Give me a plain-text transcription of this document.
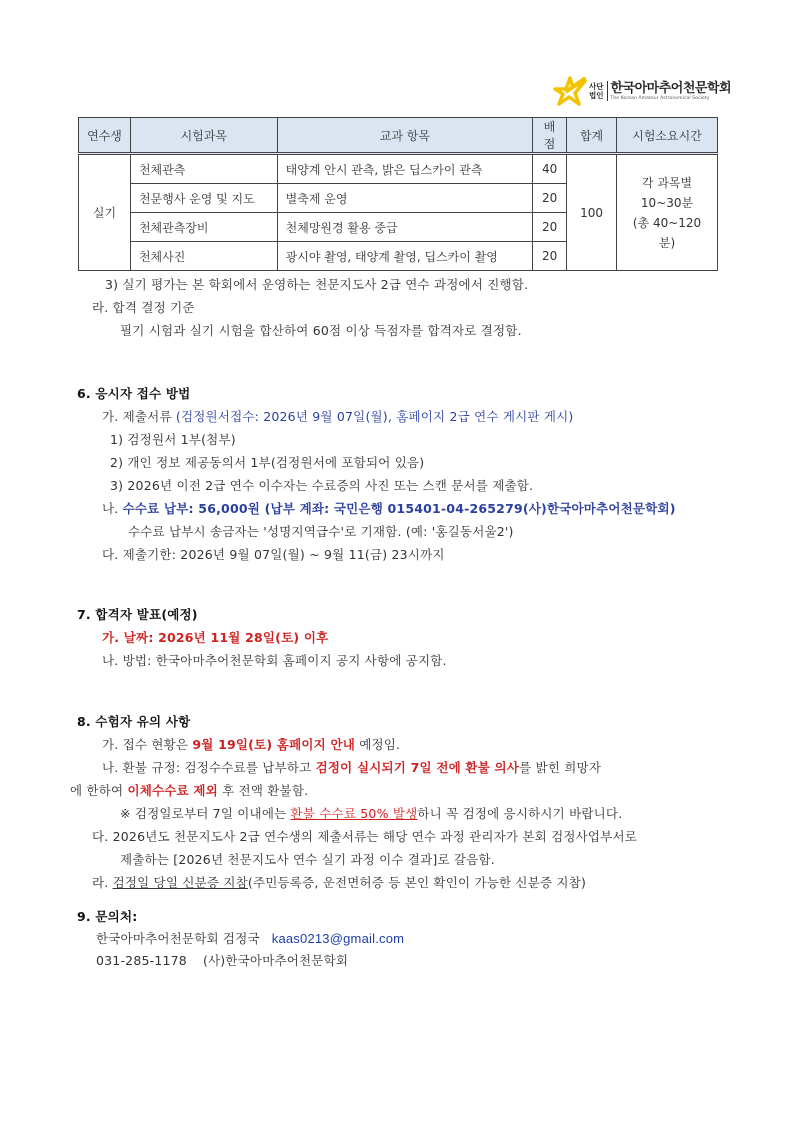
사단
법인 한국아마추어천문학회
The Korean Amateur Astronomical Society
연수생	시험과목	교과 항목	배점	합계	시험소요시간
실기	천체관측	태양계 안시 관측, 밝은 딥스카이 관측	40	100	각 과목별
10~30분
(총 40~120분)

	천문행사 운영 및 지도	별축제 운영	20		
	천체관측장비	천체망원경 활용 중급	20		
	천체사진	광시야 촬영, 태양계 촬영, 딥스카이 촬영	20		
3) 실기 평가는 본 학회에서 운영하는 천문지도사 2급 연수 과정에서 진행함.
라. 합격 결정 기준
필기 시험과 실기 시험을 합산하여 60점 이상 득점자를 합격자로 결정함.
6. 응시자 접수 방법
가. 제출서류 (검정원서접수: 2026년 9월 07일(월), 홈페이지 2급 연수 게시판 게시)
1) 검정원서 1부(첨부)
2) 개인 정보 제공동의서 1부(검정원서에 포함되어 있음)
3) 2026년 이전 2급 연수 이수자는 수료증의 사진 또는 스캔 문서를 제출함.
나. 수수료 납부: 56,000원 (납부 계좌: 국민은행 015401-04-265279(사)한국아마추어천문학회)
수수료 납부시 송금자는 '성명지역급수'로 기재함. (예: '홍길동서울2')
다. 제출기한: 2026년 9월 07일(월) ~ 9월 11(금) 23시까지
7. 합격자 발표(예정)
가. 날짜: 2026년 11월 28일(토) 이후
나. 방법: 한국아마추어천문학회 홈페이지 공지 사항에 공지함.
8. 수험자 유의 사항
가. 접수 현황은 9월 19일(토) 홈페이지 안내 예정임.
나. 환불 규정: 검정수수료를 납부하고 검정이 실시되기 7일 전에 환불 의사를 밝힌 희망자
에 한하여 이체수수료 제외 후 전액 환불함.
※ 검정일로부터 7일 이내에는 환불 수수료 50% 발생하니 꼭 검정에 응시하시기 바랍니다.
다. 2026년도 천문지도사 2급 연수생의 제출서류는 해당 연수 과정 관리자가 본회 검정사업부서로
제출하는 [2026년 천문지도사 연수 실기 과정 이수 결과]로 갈음함.
라. 검정일 당일 신분증 지참(주민등록증, 운전면허증 등 본인 확인이 가능한 신분증 지참)
9. 문의처:
한국아마추어천문학회 검정국 kaas0213@gmail.com
031-285-1178 (사)한국아마추어천문학회
